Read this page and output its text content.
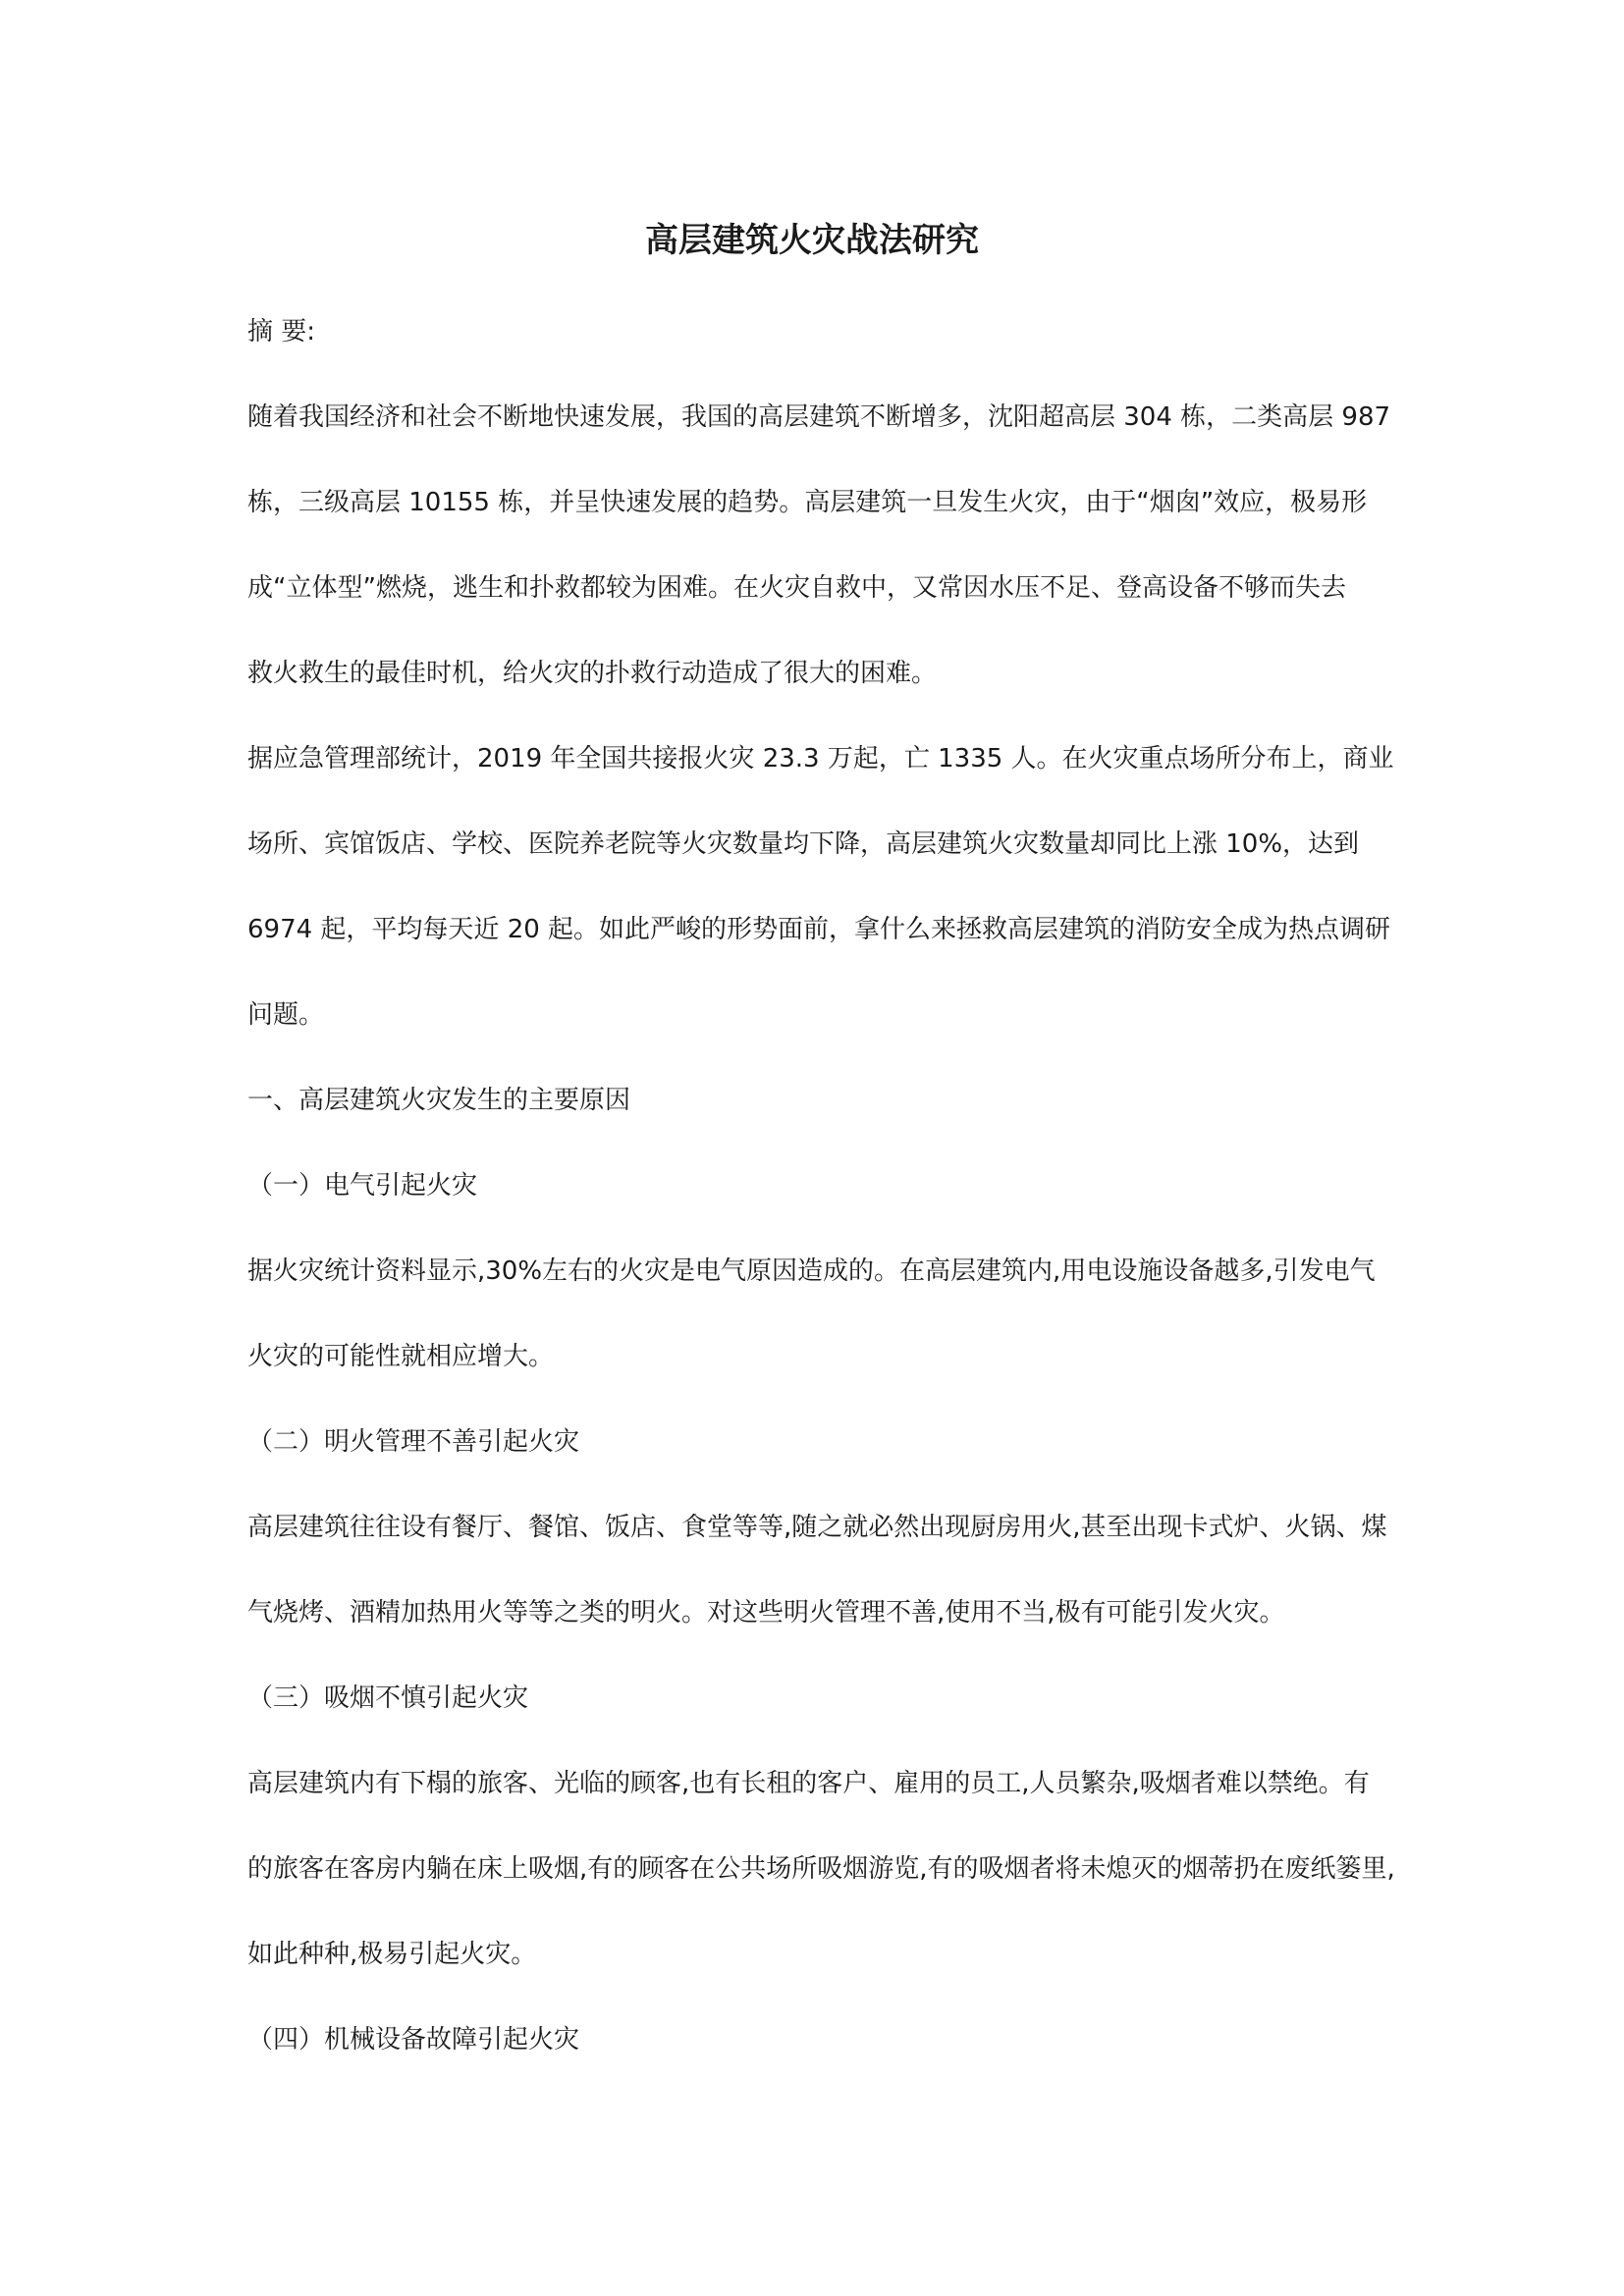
高层建筑火灾战法研究
摘 要:
随着我国经济和社会不断地快速发展，我国的高层建筑不断增多，沈阳超高层 304 栋，二类高层 987
栋，三级高层 10155 栋，并呈快速发展的趋势。高层建筑一旦发生火灾，由于“烟囱”效应，极易形
成“立体型”燃烧，逃生和扑救都较为困难。在火灾自救中，又常因水压不足、登高设备不够而失去
救火救生的最佳时机，给火灾的扑救行动造成了很大的困难。
据应急管理部统计，2019 年全国共接报火灾 23.3 万起，亡 1335 人。在火灾重点场所分布上，商业
场所、宾馆饭店、学校、医院养老院等火灾数量均下降，高层建筑火灾数量却同比上涨 10%，达到
6974 起，平均每天近 20 起。如此严峻的形势面前，拿什么来拯救高层建筑的消防安全成为热点调研
问题。
一、高层建筑火灾发生的主要原因
（一）电气引起火灾
据火灾统计资料显示,30%左右的火灾是电气原因造成的。在高层建筑内,用电设施设备越多,引发电气
火灾的可能性就相应增大。
（二）明火管理不善引起火灾
高层建筑往往设有餐厅、餐馆、饭店、食堂等等,随之就必然出现厨房用火,甚至出现卡式炉、火锅、煤
气烧烤、酒精加热用火等等之类的明火。对这些明火管理不善,使用不当,极有可能引发火灾。
（三）吸烟不慎引起火灾
高层建筑内有下榻的旅客、光临的顾客,也有长租的客户、雇用的员工,人员繁杂,吸烟者难以禁绝。有
的旅客在客房内躺在床上吸烟,有的顾客在公共场所吸烟游览,有的吸烟者将未熄灭的烟蒂扔在废纸篓里,
如此种种,极易引起火灾。
（四）机械设备故障引起火灾
